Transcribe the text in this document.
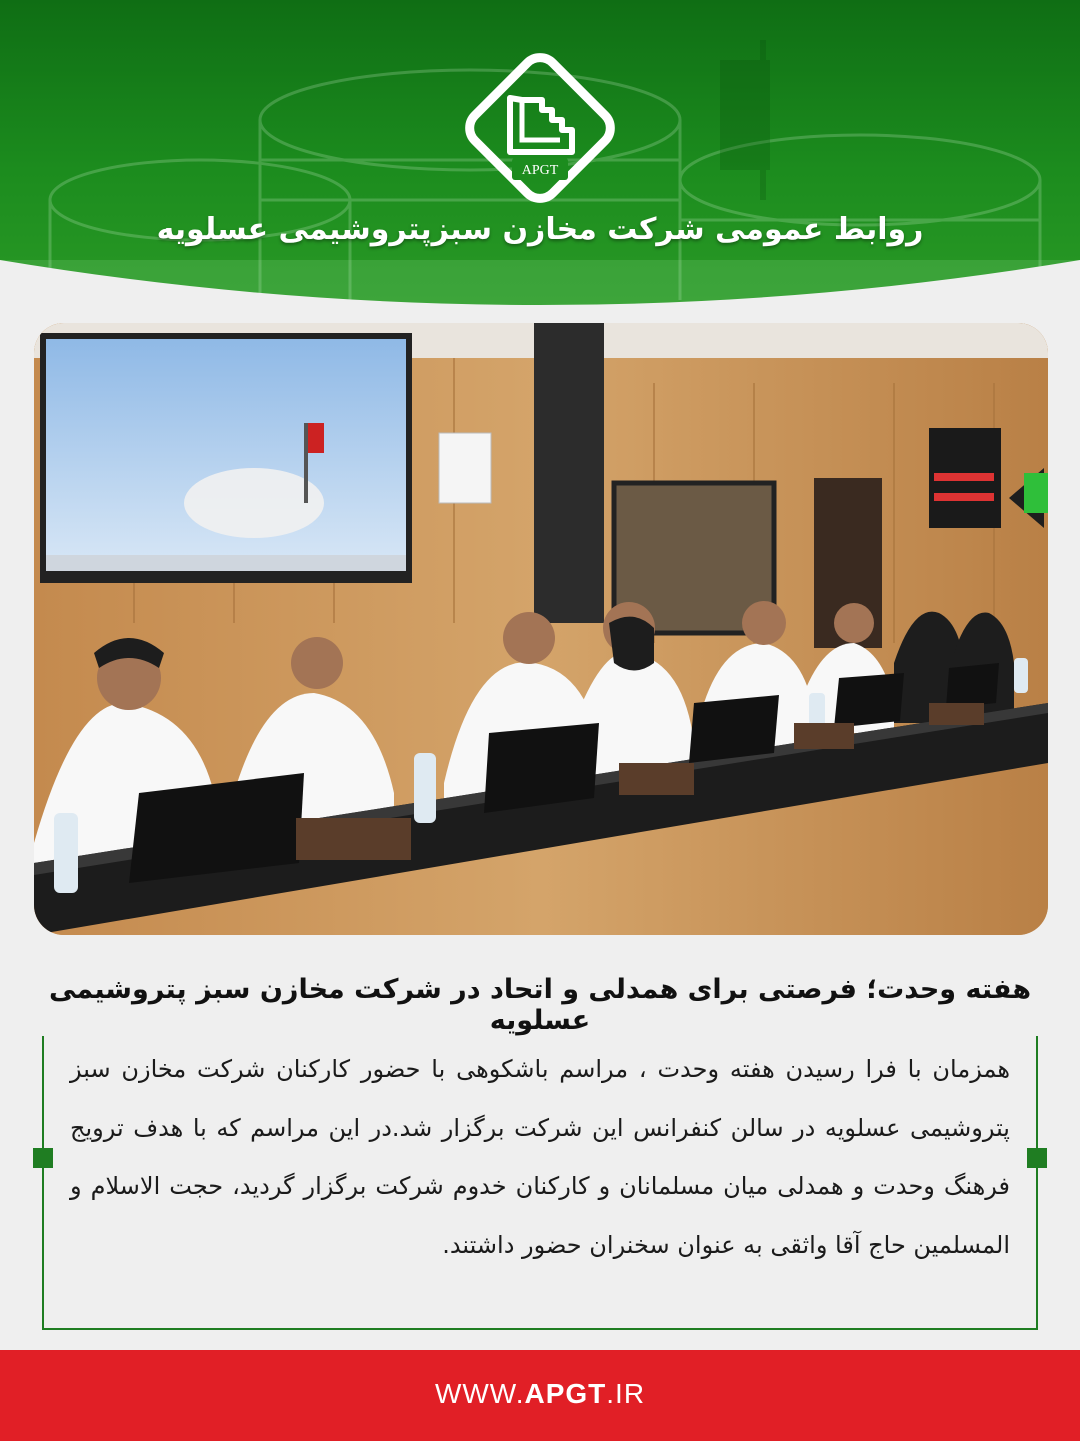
APGT
روابط عمومی شرکت مخازن سبزپتروشیمی عسلویه
هفته وحدت؛ فرصتی برای همدلی و اتحاد در شرکت مخازن سبز پتروشیمی عسلویه
همزمان با فرا رسیدن هفته وحدت ، مراسم باشکوهی با حضور کارکنان شرکت مخازن سبز پتروشیمی عسلویه در سالن کنفرانس این شرکت برگزار شد.در این مراسم که با هدف ترویج فرهنگ وحدت و همدلی میان مسلمانان و کارکنان خدوم شرکت برگزار گردید، حجت الاسلام و المسلمین حاج آقا واثقی به عنوان سخنران حضور داشتند.
WWW.APGT.IR
